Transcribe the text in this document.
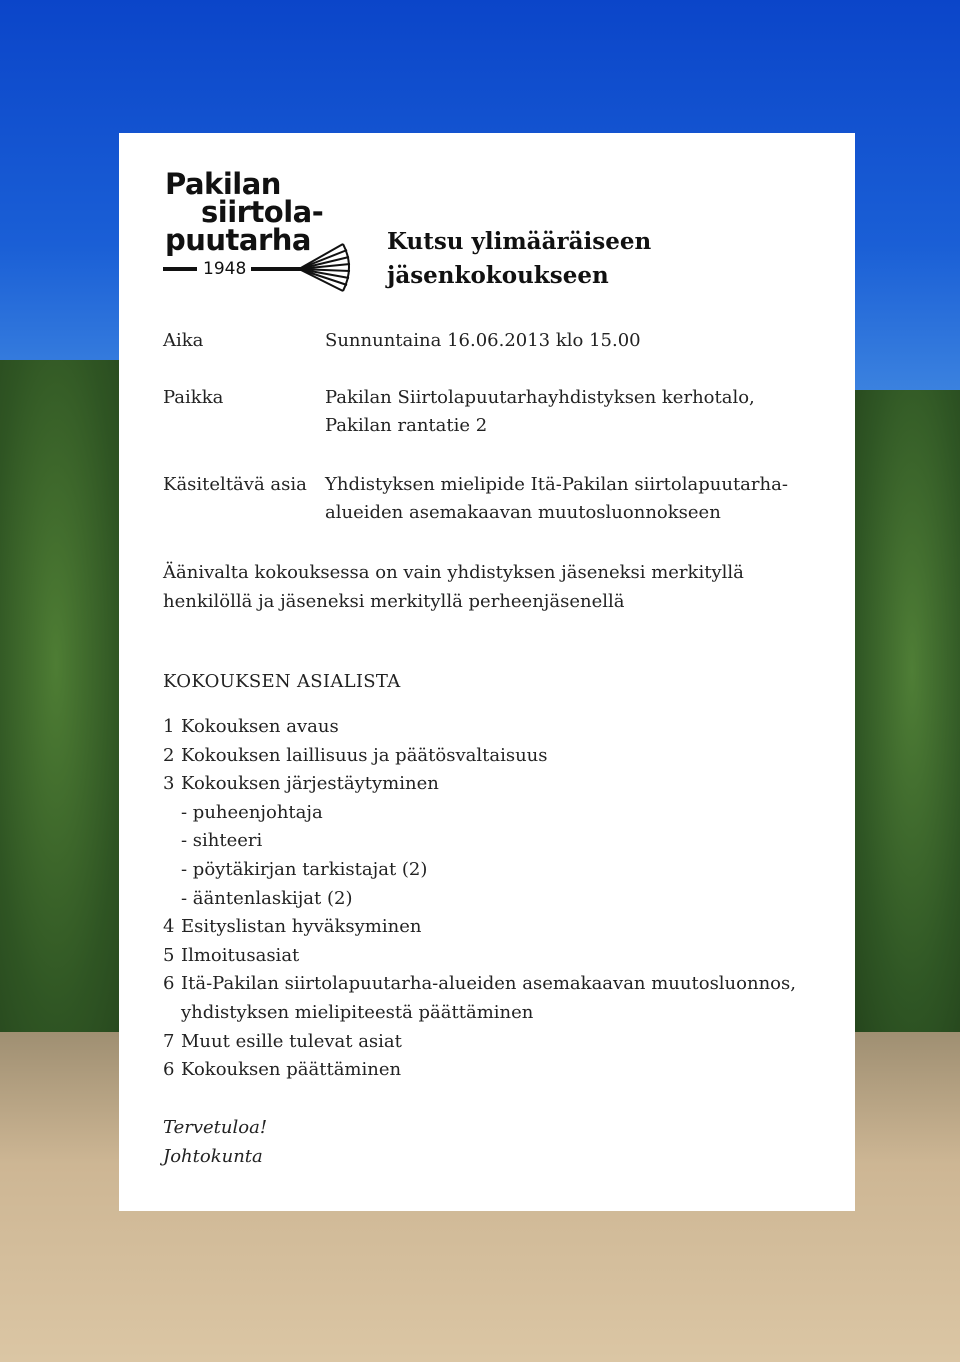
Pakilan
siirtola-
puutarha
1948
Kutsu ylimääräiseen
jäsenkokoukseen
Aika	Sunnuntaina 16.06.2013 klo 15.00
Paikka	Pakilan Siirtolapuutarhayhdistyksen kerhotalo,
Pakilan rantatie 2
Käsiteltävä asia Yhdistyksen mielipide Itä-Pakilan siirtolapuutarha-
alueiden asemakaavan muutosluonnokseen
Äänivalta kokouksessa on vain yhdistyksen jäseneksi merkityllä
henkilöllä ja jäseneksi merkityllä perheenjäsenellä
KOKOUKSEN ASIALISTA
1 Kokouksen avaus
2 Kokouksen laillisuus ja päätösvaltaisuus
3 Kokouksen järjestäytyminen
- puheenjohtaja
- sihteeri
- pöytäkirjan tarkistajat (2)
- ääntenlaskijat (2)
4 Esityslistan hyväksyminen
5 Ilmoitusasiat
6 Itä-Pakilan siirtolapuutarha-alueiden asemakaavan muutosluonnos,
yhdistyksen mielipiteestä päättäminen
7 Muut esille tulevat asiat
6 Kokouksen päättäminen
Tervetuloa!
Johtokunta
